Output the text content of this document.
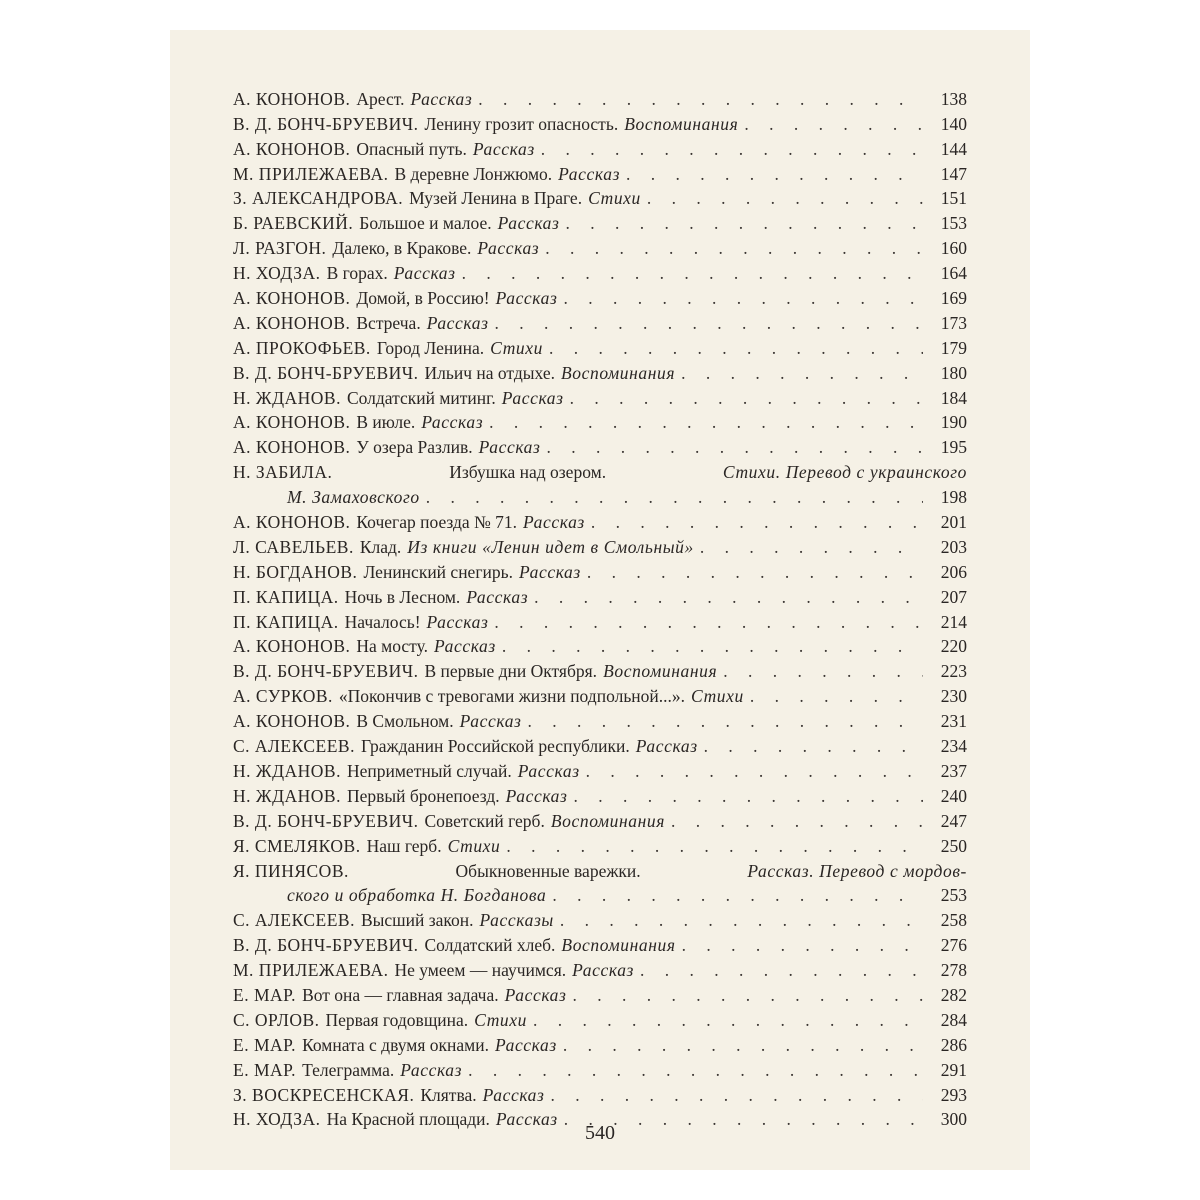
А. КОНОНОВ. Арест. Рассказ . . .	138
В. Д. БОНЧ-БРУЕВИЧ. Ленину грозит опасность. Воспоминания . . .	140
А. КОНОНОВ. Опасный путь. Рассказ . . .	144
М. ПРИЛЕЖАЕВА. В деревне Лонжюмо. Рассказ . . .	147
З. АЛЕКСАНДРОВА. Музей Ленина в Праге. Стихи . . .	151
Б. РАЕВСКИЙ. Большое и малое. Рассказ . . .	153
Л. РАЗГОН. Далеко, в Кракове. Рассказ . . .	160
Н. ХОДЗА. В горах. Рассказ . . .	164
А. КОНОНОВ. Домой, в Россию! Рассказ . . .	169
А. КОНОНОВ. Встреча. Рассказ . . .	173
А. ПРОКОФЬЕВ. Город Ленина. Стихи . . .	179
В. Д. БОНЧ-БРУЕВИЧ. Ильич на отдыхе. Воспоминания . . .	180
Н. ЖДАНОВ. Солдатский митинг. Рассказ . . .	184
А. КОНОНОВ. В июле. Рассказ . . .	190
А. КОНОНОВ. У озера Разлив. Рассказ . . .	195
Н. ЗАБИЛА.	Избушка над озером.	Стихи. Перевод с украинского
М. Замаховского . . .	198
А. КОНОНОВ. Кочегар поезда № 71. Рассказ . . .	201
Л. САВЕЛЬЕВ. Клад. Из книги «Ленин идет в Смольный» . . .	203
Н. БОГДАНОВ. Ленинский снегирь. Рассказ . . .	206
П. КАПИЦА. Ночь в Лесном. Рассказ . . .	207
П. КАПИЦА. Началось! Рассказ . . .	214
А. КОНОНОВ. На мосту. Рассказ . . .	220
В. Д. БОНЧ-БРУЕВИЧ. В первые дни Октября. Воспоминания . . .	223
А. СУРКОВ. «Покончив с тревогами жизни подпольной...». Стихи . . .	230
А. КОНОНОВ. В Смольном. Рассказ . . .	231
С. АЛЕКСЕЕВ. Гражданин Российской республики. Рассказ . . .	234
Н. ЖДАНОВ. Неприметный случай. Рассказ . . .	237
Н. ЖДАНОВ. Первый бронепоезд. Рассказ . . .	240
В. Д. БОНЧ-БРУЕВИЧ. Советский герб. Воспоминания . . .	247
Я. СМЕЛЯКОВ. Наш герб. Стихи . . .	250
Я. ПИНЯСОВ.	Обыкновенные варежки.	Рассказ. Перевод с мордов-
ского и обработка Н. Богданова . . .	253
С. АЛЕКСЕЕВ. Высший закон. Рассказы . . .	258
В. Д. БОНЧ-БРУЕВИЧ. Солдатский хлеб. Воспоминания . . .	276
М. ПРИЛЕЖАЕВА. Не умеем — научимся. Рассказ . . .	278
Е. МАР. Вот она — главная задача. Рассказ . . .	282
С. ОРЛОВ. Первая годовщина. Стихи . . .	284
Е. МАР. Комната с двумя окнами. Рассказ . . .	286
Е. МАР. Телеграмма. Рассказ . . .	291
З. ВОСКРЕСЕНСКАЯ. Клятва. Рассказ . . .	293
Н. ХОДЗА. На Красной площади. Рассказ . . .	300
540
